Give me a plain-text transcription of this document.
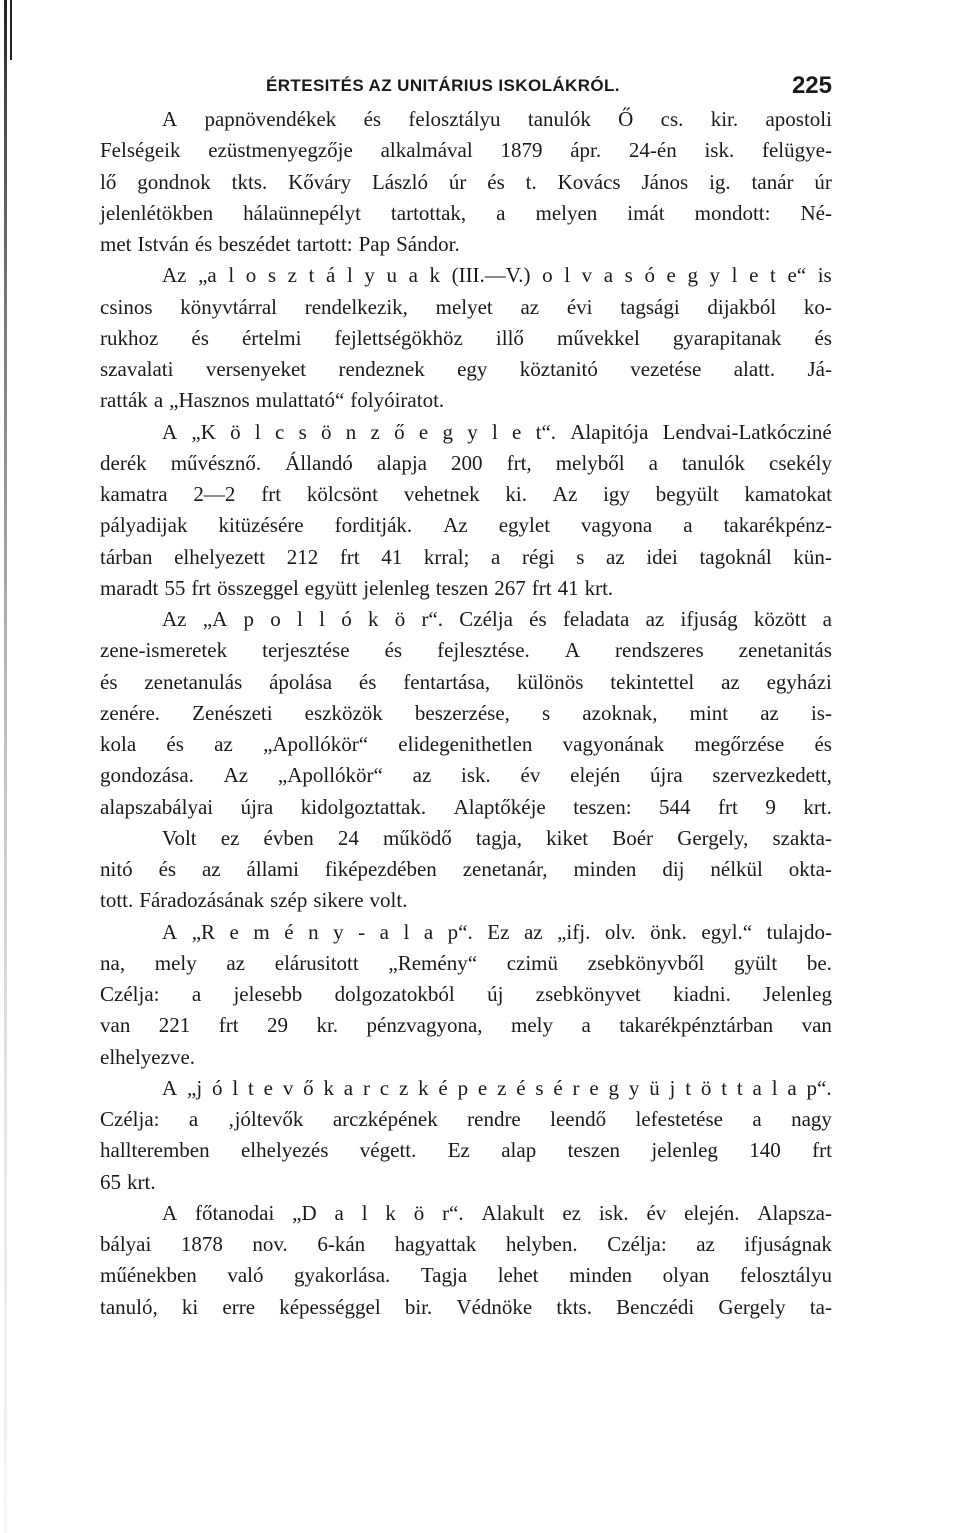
ÉRTESITÉS AZ UNITÁRIUS ISKOLÁKRÓL.	225
A papnövendékek és felosztályu tanulók Ő cs. kir. apostoli
Felségeik ezüstmenyegzője alkalmával 1879 ápr. 24-én isk. felügye-
lő gondnok tkts. Kőváry László úr és t. Kovács János ig. tanár úr
jelenlétökben hálaünnepélyt tartottak, a melyen imát mondott: Né-
met István és beszédet tartott: Pap Sándor.
Az „a l o s z t á l y u a k (III.—V.) o l v a s ó e g y l e t e“ is
csinos könyvtárral rendelkezik, melyet az évi tagsági dijakból ko-
rukhoz és értelmi fejlettségökhöz illő művekkel gyarapitanak és
szavalati versenyeket rendeznek egy köztanitó vezetése alatt. Já-
ratták a „Hasznos mulattató“ folyóiratot.
A „K ö l c s ö n z ő e g y l e t“. Alapitója Lendvai-Latkócziné
derék művésznő. Állandó alapja 200 frt, melyből a tanulók csekély
kamatra 2—2 frt kölcsönt vehetnek ki. Az igy begyült kamatokat
pályadijak kitüzésére forditják. Az egylet vagyona a takarékpénz-
tárban elhelyezett 212 frt 41 krral; a régi s az idei tagoknál kün-
maradt 55 frt összeggel együtt jelenleg teszen 267 frt 41 krt.
Az „A p o l l ó k ö r“. Czélja és feladata az ifjuság között a
zene-ismeretek terjesztése és fejlesztése. A rendszeres zenetanitás
és zenetanulás ápolása és fentartása, különös tekintettel az egyházi
zenére. Zenészeti eszközök beszerzése, s azoknak, mint az is-
kola és az „Apollókör“ elidegenithetlen vagyonának megőrzése és
gondozása. Az „Apollókör“ az isk. év elején újra szervezkedett,
alapszabályai újra kidolgoztattak. Alaptőkéje teszen: 544 frt 9 krt.
Volt ez évben 24 működő tagja, kiket Boér Gergely, szakta-
nitó és az állami fiképezdében zenetanár, minden dij nélkül okta-
tott. Fáradozásának szép sikere volt.
A „R e m é n y - a l a p“. Ez az „ifj. olv. önk. egyl.“ tulajdo-
na, mely az elárusitott „Remény“ czimü zsebkönyvből gyült be.
Czélja: a jelesebb dolgozatokból új zsebkönyvet kiadni. Jelenleg
van 221 frt 29 kr. pénzvagyona, mely a takarékpénztárban van
elhelyezve.
A „j ó l t e v ő k a r c z k é p e z é s é r e g y ü j t ö t t a l a p“.
Czélja: a ‚jóltevők arczképének rendre leendő lefestetése a nagy
hallteremben elhelyezés végett. Ez alap teszen jelenleg 140 frt
65 krt.
A főtanodai „D a l k ö r“. Alakult ez isk. év elején. Alapsza-
bályai 1878 nov. 6-kán hagyattak helyben. Czélja: az ifjuságnak
műénekben való gyakorlása. Tagja lehet minden olyan felosztályu
tanuló, ki erre képességgel bir. Védnöke tkts. Benczédi Gergely ta-
